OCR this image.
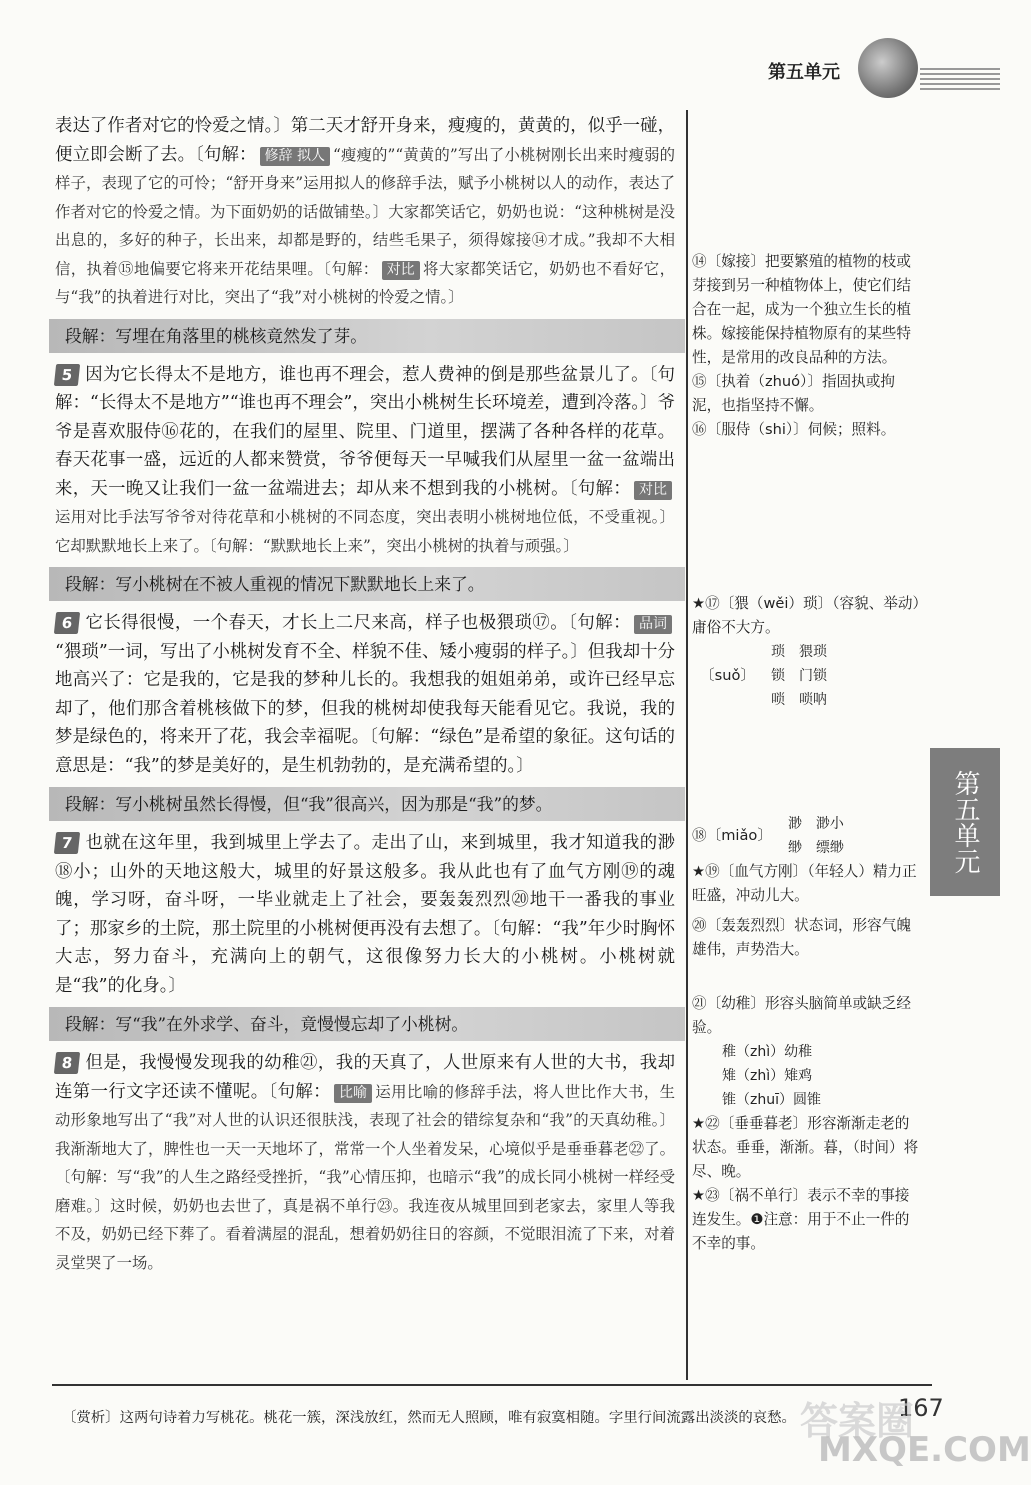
第五单元

表达了作者对它的怜爱之情。〕第二天才舒开身来，瘦瘦的，黄黄的，似乎一碰，便立即会断了去。〔句解： 修辞 拟人 “瘦瘦的”“黄黄的”写出了小桃树刚长出来时瘦弱的样子，表现了它的可怜；“舒开身来”运用拟人的修辞手法，赋予小桃树以人的动作，表达了作者对它的怜爱之情。为下面奶奶的话做铺垫。〕大家都笑话它，奶奶也说：“这种桃树是没出息的，多好的种子，长出来，却都是野的，结些毛果子，须得嫁接⑭才成。”我却不大相信，执着⑮地偏要它将来开花结果哩。〔句解： 对比 将大家都笑话它，奶奶也不看好它，与“我”的执着进行对比，突出了“我”对小桃树的怜爱之情。〕

段解：写埋在角落里的桃核竟然发了芽。

5 因为它长得太不是地方，谁也再不理会，惹人费神的倒是那些盆景儿了。〔句解：“长得太不是地方”“谁也再不理会”，突出小桃树生长环境差，遭到冷落。〕爷爷是喜欢服侍⑯花的，在我们的屋里、院里、门道里，摆满了各种各样的花草。春天花事一盛，远近的人都来赞赏，爷爷便每天一早喊我们从屋里一盆一盆端出来，天一晚又让我们一盆一盆端进去；却从来不想到我的小桃树。〔句解： 对比运用对比手法写爷爷对待花草和小桃树的不同态度，突出表明小桃树地位低，不受重视。〕它却默默地长上来了。〔句解：“默默地长上来”，突出小桃树的执着与顽强。〕

段解：写小桃树在不被人重视的情况下默默地长上来了。

6 它长得很慢，一个春天，才长上二尺来高，样子也极猥琐⑰。〔句解： 品词“猥琐”一词，写出了小桃树发育不全、样貌不佳、矮小瘦弱的样子。〕但我却十分地高兴了：它是我的，它是我的梦种儿长的。我想我的姐姐弟弟，或许已经早忘却了，他们那含着桃核做下的梦，但我的桃树却使我每天能看见它。我说，我的梦是绿色的，将来开了花，我会幸福呢。〔句解：“绿色”是希望的象征。这句话的意思是：“我”的梦是美好的，是生机勃勃的，是充满希望的。〕

段解：写小桃树虽然长得慢，但“我”很高兴，因为那是“我”的梦。

7 也就在这年里，我到城里上学去了。走出了山，来到城里，我才知道我的渺⑱小；山外的天地这般大，城里的好景这般多。我从此也有了血气方刚⑲的魂魄，学习呀，奋斗呀，一毕业就走上了社会，要轰轰烈烈⑳地干一番我的事业了；那家乡的土院，那土院里的小桃树便再没有去想了。〔句解：“我”年少时胸怀大志，努力奋斗，充满向上的朝气，这很像努力长大的小桃树。小桃树就是“我”的化身。〕

段解：写“我”在外求学、奋斗，竟慢慢忘却了小桃树。

8 但是，我慢慢发现我的幼稚㉑，我的天真了，人世原来有人世的大书，我却连第一行文字还读不懂呢。〔句解： 比喻 运用比喻的修辞手法，将人世比作大书，生动形象地写出了“我”对人世的认识还很肤浅，表现了社会的错综复杂和“我”的天真幼稚。〕我渐渐地大了，脾性也一天一天地坏了，常常一个人坐着发呆，心境似乎是垂垂暮老㉒了。〔句解：写“我”的人生之路经受挫折，“我”心情压抑，也暗示“我”的成长同小桃树一样经受磨难。〕这时候，奶奶也去世了，真是祸不单行㉓。我连夜从城里回到老家去，家里人等我不及，奶奶已经下葬了。看着满屋的混乱，想着奶奶往日的容颜，不觉眼泪流了下来，对着灵堂哭了一场。

⑭〔嫁接〕把要繁殖的植物的枝或芽接到另一种植物体上，使它们结合在一起，成为一个独立生长的植株。嫁接能保持植物原有的某些特性，是常用的改良品种的方法。

⑮〔执着（zhuó）〕指固执或拘泥，也指坚持不懈。

⑯〔服侍（shi）〕伺候；照料。

★⑰〔猥（wěi）琐〕（容貌、举动）庸俗不大方。

〔suǒ〕
琐　猥琐
锁　门锁
唢　唢呐
⑱〔miǎo〕
渺　渺小
缈　缥缈

★⑲〔血气方刚〕（年轻人）精力正旺盛，冲动儿大。

⑳〔轰轰烈烈〕状态词，形容气魄雄伟，声势浩大。

㉑〔幼稚〕形容头脑简单或缺乏经验。

稚（zhì）幼稚
雉（zhì）雉鸡
锥（zhuī）圆锥

★㉒〔垂垂暮老〕形容渐渐走老的状态。垂垂，渐渐。暮，（时间）将尽、晚。

★㉓〔祸不单行〕表示不幸的事接连发生。❶注意：用于不止一件的不幸的事。

第五单元
〔赏析〕这两句诗着力写桃花。桃花一簇，深浅放红，然而无人照顾，唯有寂寞相随。字里行间流露出淡淡的哀愁。	167
答案圈
MXQE.COM
